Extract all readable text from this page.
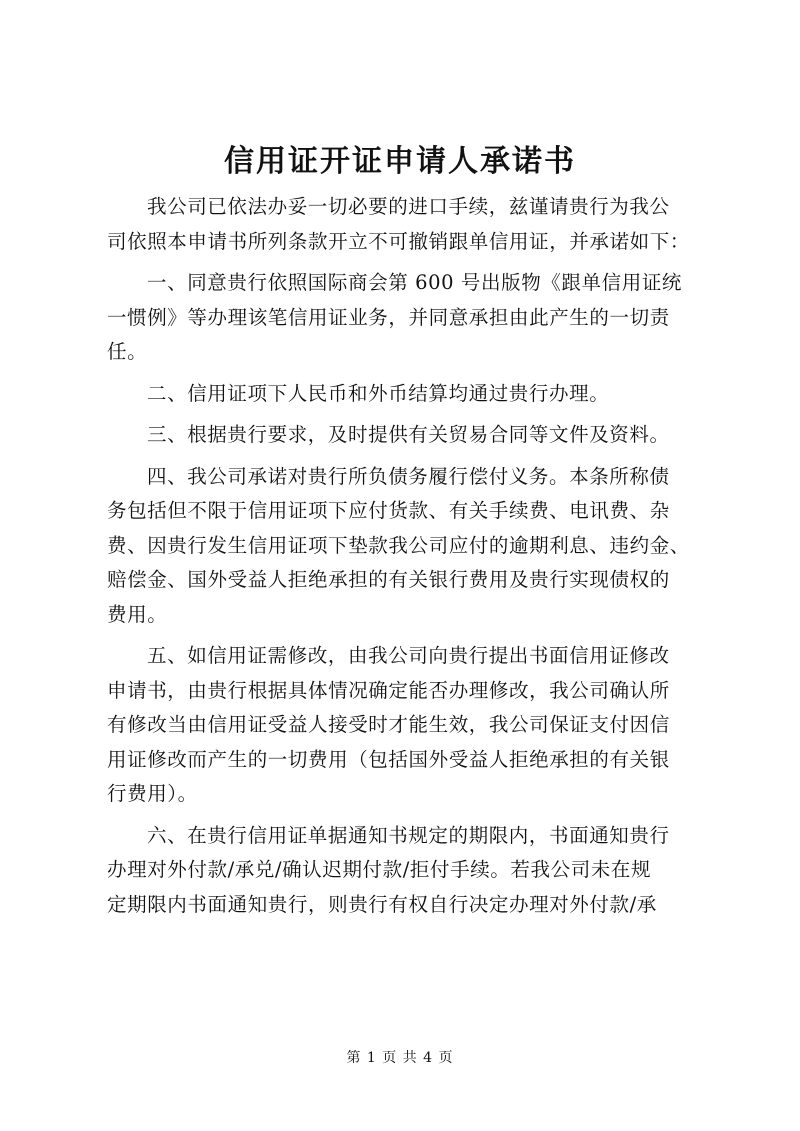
信用证开证申请人承诺书
我公司已依法办妥一切必要的进口手续，兹谨请贵行为我公
司依照本申请书所列条款开立不可撤销跟单信用证，并承诺如下：
一、同意贵行依照国际商会第 600 号出版物《跟单信用证统
一惯例》等办理该笔信用证业务，并同意承担由此产生的一切责
任。
二、信用证项下人民币和外币结算均通过贵行办理。
三、根据贵行要求，及时提供有关贸易合同等文件及资料。
四、我公司承诺对贵行所负债务履行偿付义务。本条所称债
务包括但不限于信用证项下应付货款、有关手续费、电讯费、杂
费、因贵行发生信用证项下垫款我公司应付的逾期利息、违约金、
赔偿金、国外受益人拒绝承担的有关银行费用及贵行实现债权的
费用。
五、如信用证需修改，由我公司向贵行提出书面信用证修改
申请书，由贵行根据具体情况确定能否办理修改，我公司确认所
有修改当由信用证受益人接受时才能生效，我公司保证支付因信
用证修改而产生的一切费用（包括国外受益人拒绝承担的有关银
行费用）。
六、在贵行信用证单据通知书规定的期限内，书面通知贵行
办理对外付款/承兑/确认迟期付款/拒付手续。若我公司未在规
定期限内书面通知贵行，则贵行有权自行决定办理对外付款/承
第 1 页 共 4 页
